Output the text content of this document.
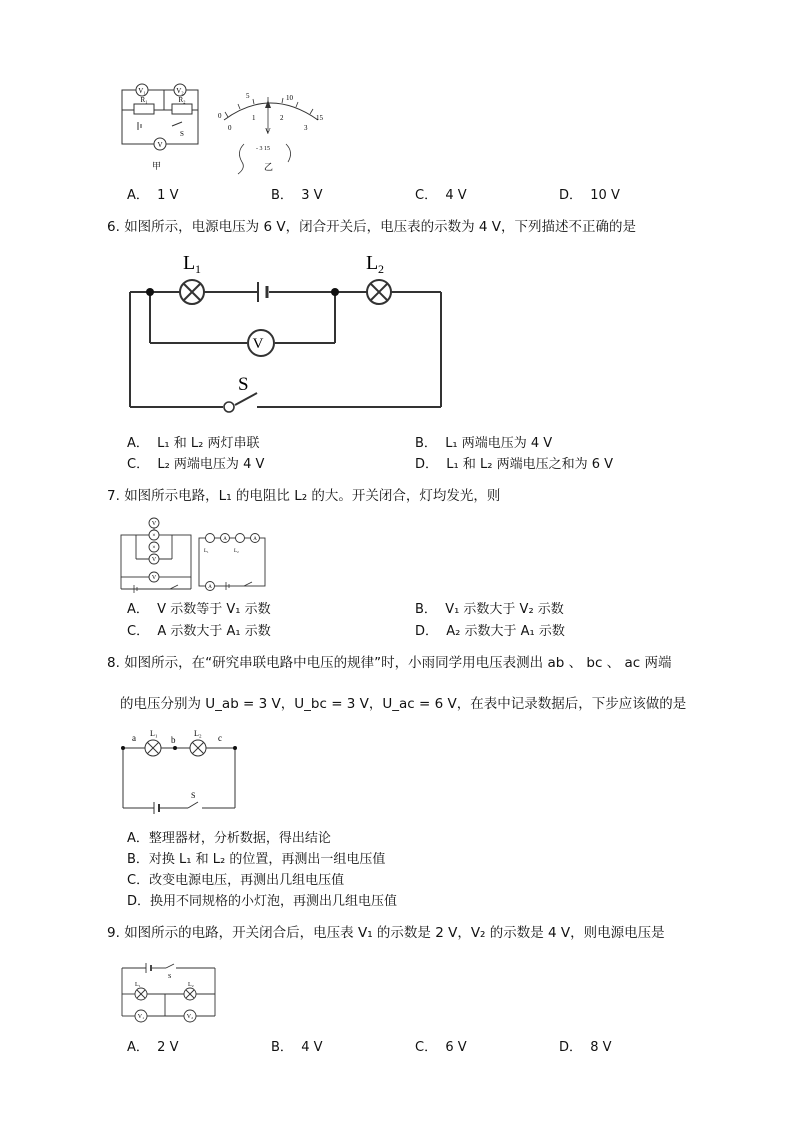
V₁	V₂
R₁	R₂
S
V
甲
0
5	10
15
0
1	2
3
V
- 3 15
乙
A． 1 V	B． 3 V	C． 4 V	D． 10 V
6. 如图所示，电源电压为 6 V，闭合开关后，电压表的示数为 4 V，下列描述不正确的是
V
L 1	L 2
S
A． L₁ 和 L₂ 两灯串联	B． L₁ 两端电压为 4 V
C． L₂ 两端电压为 4 V	D． L₁ 和 L₂ 两端电压之和为 6 V
7. 如图所示电路，L₁ 的电阻比 L₂ 的大。开关闭合，灯均发光，则
V
V
V
×
×
A	A
A
L₁	L₂
A． V 示数等于 V₁ 示数	B． V₁ 示数大于 V₂ 示数
C． A 示数大于 A₁ 示数	D． A₂ 示数大于 A₁ 示数
8. 如图所示，在“研究串联电路中电压的规律”时，小雨同学用电压表测出 ab 、 bc 、 ac 两端
的电压分别为 U_ab = 3 V，U_bc = 3 V，U_ac = 6 V，在表中记录数据后，下步应该做的是
a	b	c
L₁	L₂
S
A．整理器材，分析数据，得出结论
B．对换 L₁ 和 L₂ 的位置，再测出一组电压值
C．改变电源电压，再测出几组电压值
D．换用不同规格的小灯泡，再测出几组电压值
9. 如图所示的电路，开关闭合后，电压表 V₁ 的示数是 2 V，V₂ 的示数是 4 V，则电源电压是
V₁	V₂
L₁	L₂
S
A． 2 V	B． 4 V	C． 6 V	D． 8 V
